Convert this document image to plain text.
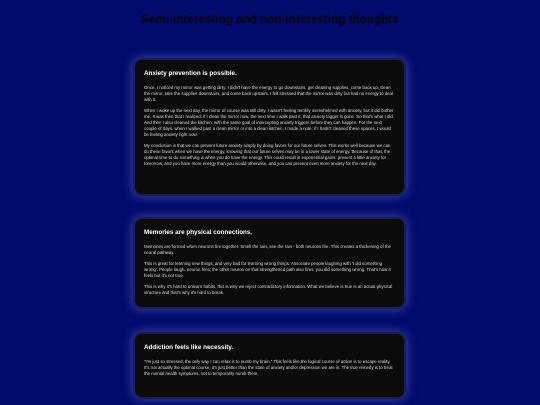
Semi-interesting and non-interesting thoughts
Anxiety prevention is possible.

Once, I noticed my mirror was getting dirty. I didn't have the energy to go downstairs, get cleaning supplies, come back up, clean the mirror, take the supplies downstairs, and come back upstairs. I felt stressed that the mirror was dirty but had no energy to deal with it.

When I woke up the next day, the mirror of course was still dirty. I wasn't feeling terribly overwhelmed with anxiety, but it did bother me. It was then that I realized: if I clean the mirror now, the next time I walk past it, that anxiety trigger is gone. So that's what I did. And then I also cleaned the kitchen, with the same goal of intercepting anxiety triggers before they can happen. For the next couple of days, when I walked past a clean mirror or into a clean kitchen, I made a note: if I hadn't cleaned these spaces, I would be feeling anxiety right now.

My conclusion is that we can prevent future anxiety simply by doing favors for our future selves. This works well because we can do these favors when we have the energy, knowing that our future selves may be in a lower state of energy. Because of that, the optimal time to do something is when you do have the energy. This could result in exponential gains: prevent a little anxiety for tomorrow, and you have more energy than you would otherwise, and you can prevent even more anxiety for the next day.

Memories are physical connections.

Memories are formed when neurons fire together. Smell the rain, see the rain - both neurons fire. This creates a thickening of the neural pathway.

This is great for learning new things, and very bad for learning wrong things. Associate people laughing with 'I did something wrong'. People laugh, neuron fires; the other neuron on that strengthened path also fires: you did something wrong. That's how it feels but it's not true.

This is why it's hard to unlearn habits, this is why we reject contradictory information. What we believe is true is an actual physical structure and that's why it's hard to break.

Addiction feels like necessity.

"I'm just so stressed, the only way I can relax is to numb my brain." This feels like the logical course of action is to escape reality. It's not actually the optimal course, it's just better than the state of anxiety and/or depression we are in. The true remedy is to treat the mental health symptoms, not to temporarily numb them.
